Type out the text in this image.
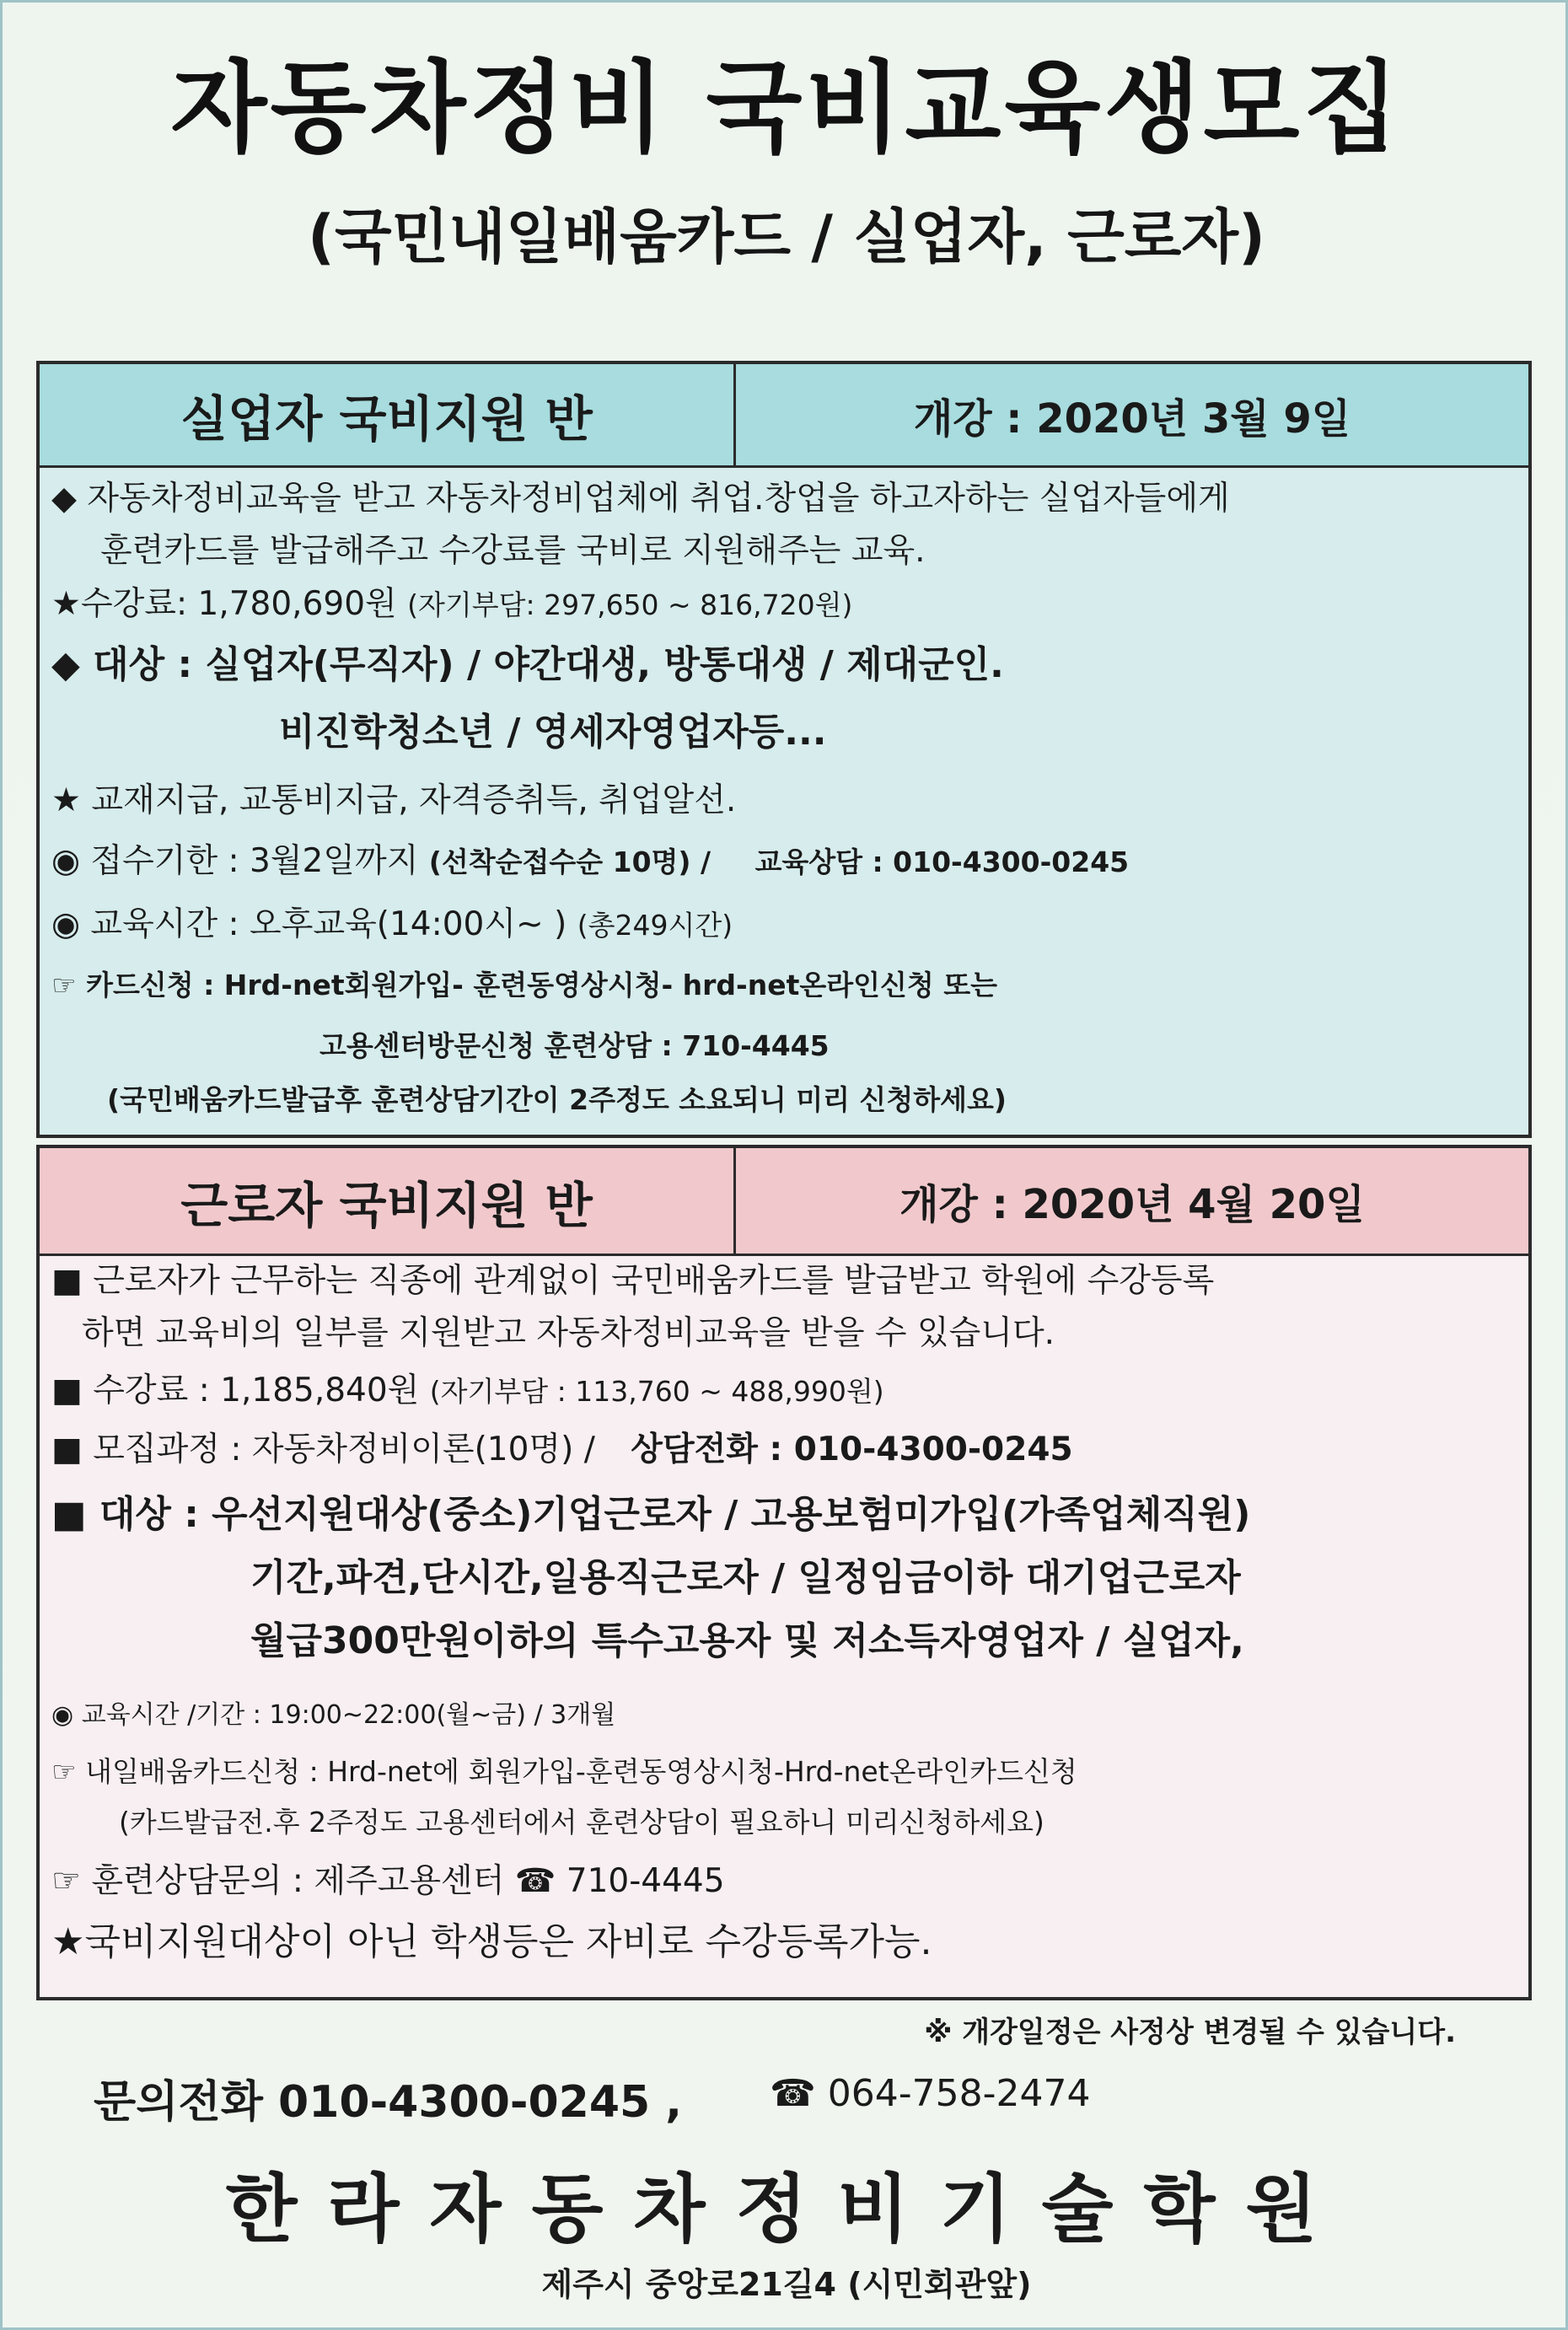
자동차정비 국비교육생모집
(국민내일배움카드 / 실업자, 근로자)
실업자 국비지원 반	개강 : 2020년 3월 9일
◆ 자동차정비교육을 받고 자동차정비업체에 취업.창업을 하고자하는 실업자들에게
훈련카드를 발급해주고 수강료를 국비로 지원해주는 교육.
★수강료: 1,780,690원 (자기부담: 297,650 ~ 816,720원)
◆ 대상 : 실업자(무직자) / 야간대생, 방통대생 / 제대군인.
비진학청소년 / 영세자영업자등...
★ 교재지급, 교통비지급, 자격증취득, 취업알선.
◉ 접수기한 : 3월2일까지 (선착순접수순 10명) / 교육상담 : 010-4300-0245
◉ 교육시간 : 오후교육(14:00시~ ) (총249시간)
☞ 카드신청 : Hrd-net회원가입- 훈련동영상시청- hrd-net온라인신청 또는
고용센터방문신청 훈련상담 : 710-4445
(국민배움카드발급후 훈련상담기간이 2주정도 소요되니 미리 신청하세요)
근로자 국비지원 반	개강 : 2020년 4월 20일
■ 근로자가 근무하는 직종에 관계없이 국민배움카드를 발급받고 학원에 수강등록
하면 교육비의 일부를 지원받고 자동차정비교육을 받을 수 있습니다.
■ 수강료 : 1,185,840원 (자기부담 : 113,760 ~ 488,990원)
■ 모집과정 : 자동차정비이론(10명) / 상담전화 : 010-4300-0245
■ 대상 : 우선지원대상(중소)기업근로자 / 고용보험미가입(가족업체직원)
기간,파견,단시간,일용직근로자 / 일정임금이하 대기업근로자
월급300만원이하의 특수고용자 및 저소득자영업자 / 실업자,
◉ 교육시간 /기간 : 19:00~22:00(월~금) / 3개월
☞ 내일배움카드신청 : Hrd-net에 회원가입-훈련동영상시청-Hrd-net온라인카드신청
(카드발급전.후 2주정도 고용센터에서 훈련상담이 필요하니 미리신청하세요)
☞ 훈련상담문의 : 제주고용센터 ☎ 710-4445
★국비지원대상이 아닌 학생등은 자비로 수강등록가능.
※ 개강일정은 사정상 변경될 수 있습니다.
문의전화 010-4300-0245 , ☎ 064-758-2474
한라자동차정비기술학원
제주시 중앙로21길4 (시민회관앞)
